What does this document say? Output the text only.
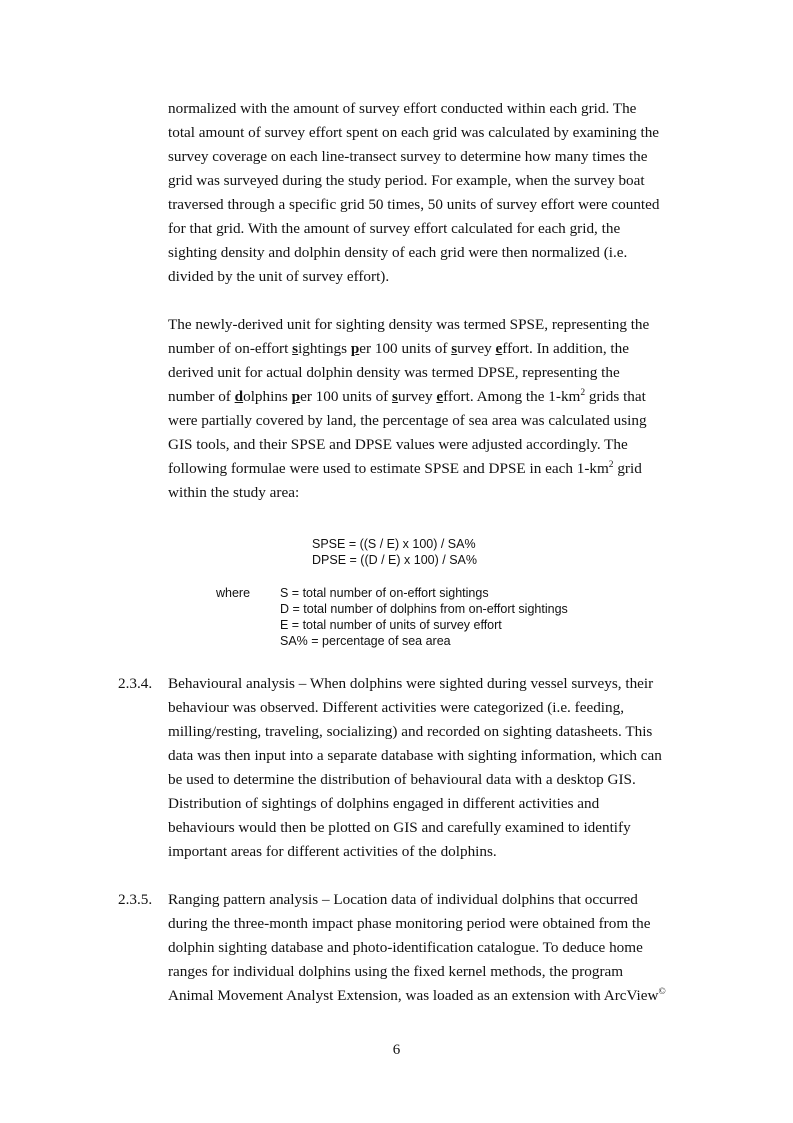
normalized with the amount of survey effort conducted within each grid. The
total amount of survey effort spent on each grid was calculated by examining the
survey coverage on each line-transect survey to determine how many times the
grid was surveyed during the study period. For example, when the survey boat
traversed through a specific grid 50 times, 50 units of survey effort were counted
for that grid. With the amount of survey effort calculated for each grid, the
sighting density and dolphin density of each grid were then normalized (i.e.
divided by the unit of survey effort).
The newly-derived unit for sighting density was termed SPSE, representing the
number of on-effort sightings per 100 units of survey effort. In addition, the
derived unit for actual dolphin density was termed DPSE, representing the
number of dolphins per 100 units of survey effort. Among the $1-km^2$ grids that
were partially covered by land, the percentage of sea area was calculated using
GIS tools, and their SPSE and DPSE values were adjusted accordingly. The
following formulae were used to estimate SPSE and DPSE in each $1-km^2$ grid
within the study area:
SPSE = ((S / E) x 100) / SA%
DPSE = ((D / E) x 100) / SA%
where S = total number of on-effort sightings
D = total number of dolphins from on-effort sightings
E = total number of units of survey effort
SA% = percentage of sea area
2.3.4. Behavioural analysis – When dolphins were sighted during vessel surveys, their
behaviour was observed. Different activities were categorized (i.e. feeding,
milling/resting, traveling, socializing) and recorded on sighting datasheets. This
data was then input into a separate database with sighting information, which can
be used to determine the distribution of behavioural data with a desktop GIS.
Distribution of sightings of dolphins engaged in different activities and
behaviours would then be plotted on GIS and carefully examined to identify
important areas for different activities of the dolphins.
2.3.5. Ranging pattern analysis – Location data of individual dolphins that occurred
during the three-month impact phase monitoring period were obtained from the
dolphin sighting database and photo-identification catalogue. To deduce home
ranges for individual dolphins using the fixed kernel methods, the program
Animal Movement Analyst Extension, was loaded as an extension with ArcView©
6
